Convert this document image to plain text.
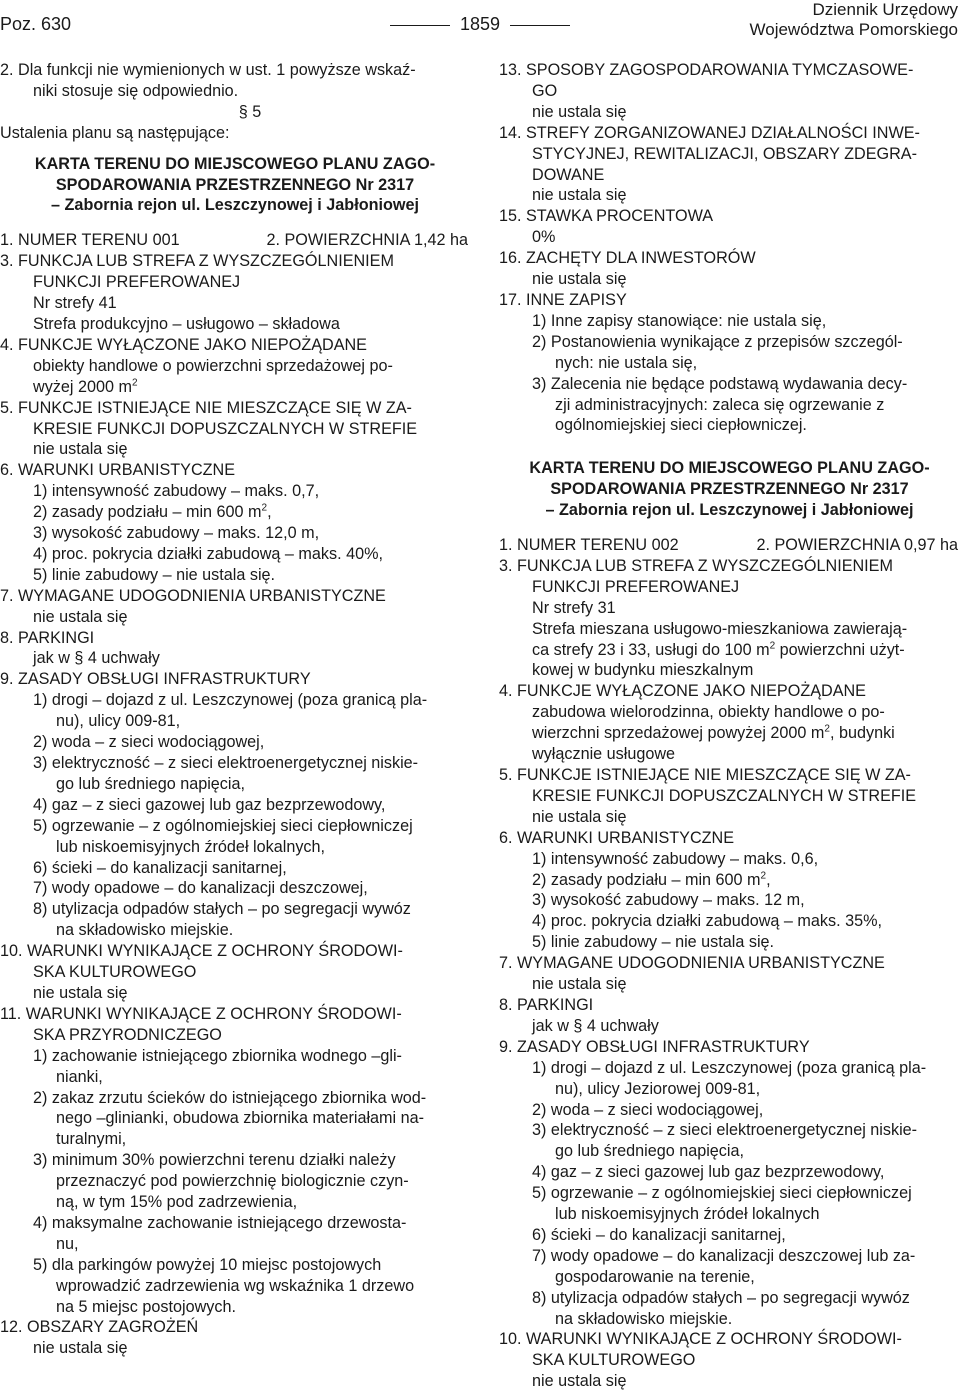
Poz. 630	1859
Dziennik Urzędowy
Województwa Pomorskiego
2. Dla funkcji nie wymienionych w ust. 1 powyższe wskaź-
niki stosuje się odpowiednio.
§ 5
Ustalenia planu są następujące:
KARTA TERENU DO MIEJSCOWEGO PLANU ZAGO-
SPODAROWANIA PRZESTRZENNEGO Nr 2317
– Zabornia rejon ul. Leszczynowej i Jabłoniowej
1. NUMER TERENU 001	2. POWIERZCHNIA 1,42 ha
3. FUNKCJA LUB STREFA Z WYSZCZEGÓLNIENIEM
FUNKCJI PREFEROWANEJ
Nr strefy 41
Strefa produkcyjno – usługowo – składowa
4. FUNKCJE WYŁĄCZONE JAKO NIEPOŻĄDANE
obiekty handlowe o powierzchni sprzedażowej po-
wyżej 2000 $m^2$
5. FUNKCJE ISTNIEJĄCE NIE MIESZCZĄCE SIĘ W ZA-
KRESIE FUNKCJI DOPUSZCZALNYCH W STREFIE
nie ustala się
6. WARUNKI URBANISTYCZNE
1) intensywność zabudowy – maks. 0,7,
2) zasady podziału – min 600 $m^2$,
3) wysokość zabudowy – maks. 12,0 m,
4) proc. pokrycia działki zabudową – maks. 40%,
5) linie zabudowy – nie ustala się.
7. WYMAGANE UDOGODNIENIA URBANISTYCZNE
nie ustala się
8. PARKINGI
jak w § 4 uchwały
9. ZASADY OBSŁUGI INFRASTRUKTURY
1) drogi – dojazd z ul. Leszczynowej (poza granicą pla-
nu), ulicy 009-81,
2) woda – z sieci wodociągowej,
3) elektryczność – z sieci elektroenergetycznej niskie-
go lub średniego napięcia,
4) gaz – z sieci gazowej lub gaz bezprzewodowy,
5) ogrzewanie – z ogólnomiejskiej sieci ciepłowniczej
lub niskoemisyjnych źródeł lokalnych,
6) ścieki – do kanalizacji sanitarnej,
7) wody opadowe – do kanalizacji deszczowej,
8) utylizacja odpadów stałych – po segregacji wywóz
na składowisko miejskie.
10. WARUNKI WYNIKAJĄCE Z OCHRONY ŚRODOWI-
SKA KULTUROWEGO
nie ustala się
11. WARUNKI WYNIKAJĄCE Z OCHRONY ŚRODOWI-
SKA PRZYRODNICZEGO
1) zachowanie istniejącego zbiornika wodnego –gli-
nianki,
2) zakaz zrzutu ścieków do istniejącego zbiornika wod-
nego –glinianki, obudowa zbiornika materiałami na-
turalnymi,
3) minimum 30% powierzchni terenu działki należy
przeznaczyć pod powierzchnię biologicznie czyn-
ną, w tym 15% pod zadrzewienia,
4) maksymalne zachowanie istniejącego drzewosta-
nu,
5) dla parkingów powyżej 10 miejsc postojowych
wprowadzić zadrzewienia wg wskaźnika 1 drzewo
na 5 miejsc postojowych.
12. OBSZARY ZAGROŻEŃ
nie ustala się
13. SPOSOBY ZAGOSPODAROWANIA TYMCZASOWE-
GO
nie ustala się
14. STREFY ZORGANIZOWANEJ DZIAŁALNOŚCI INWE-
STYCYJNEJ, REWITALIZACJI, OBSZARY ZDEGRA-
DOWANE
nie ustala się
15. STAWKA PROCENTOWA
0%
16. ZACHĘTY DLA INWESTORÓW
nie ustala się
17. INNE ZAPISY
1) Inne zapisy stanowiące: nie ustala się,
2) Postanowienia wynikające z przepisów szczegól-
nych: nie ustala się,
3) Zalecenia nie będące podstawą wydawania decy-
zji administracyjnych: zaleca się ogrzewanie z
ogólnomiejskiej sieci ciepłowniczej.
KARTA TERENU DO MIEJSCOWEGO PLANU ZAGO-
SPODAROWANIA PRZESTRZENNEGO Nr 2317
– Zabornia rejon ul. Leszczynowej i Jabłoniowej
1. NUMER TERENU 002	2. POWIERZCHNIA 0,97 ha
3. FUNKCJA LUB STREFA Z WYSZCZEGÓLNIENIEM
FUNKCJI PREFEROWANEJ
Nr strefy 31
Strefa mieszana usługowo-mieszkaniowa zawierają-
ca strefy 23 i 33, usługi do 100 $m^2$ powierzchni użyt-
kowej w budynku mieszkalnym
4. FUNKCJE WYŁĄCZONE JAKO NIEPOŻĄDANE
zabudowa wielorodzinna, obiekty handlowe o po-
wierzchni sprzedażowej powyżej 2000 $m^2$, budynki
wyłącznie usługowe
5. FUNKCJE ISTNIEJĄCE NIE MIESZCZĄCE SIĘ W ZA-
KRESIE FUNKCJI DOPUSZCZALNYCH W STREFIE
nie ustala się
6. WARUNKI URBANISTYCZNE
1) intensywność zabudowy – maks. 0,6,
2) zasady podziału – min 600 $m^2$,
3) wysokość zabudowy – maks. 12 m,
4) proc. pokrycia działki zabudową – maks. 35%,
5) linie zabudowy – nie ustala się.
7. WYMAGANE UDOGODNIENIA URBANISTYCZNE
nie ustala się
8. PARKINGI
jak w § 4 uchwały
9. ZASADY OBSŁUGI INFRASTRUKTURY
1) drogi – dojazd z ul. Leszczynowej (poza granicą pla-
nu), ulicy Jeziorowej 009-81,
2) woda – z sieci wodociągowej,
3) elektryczność – z sieci elektroenergetycznej niskie-
go lub średniego napięcia,
4) gaz – z sieci gazowej lub gaz bezprzewodowy,
5) ogrzewanie – z ogólnomiejskiej sieci ciepłowniczej
lub niskoemisyjnych źródeł lokalnych
6) ścieki – do kanalizacji sanitarnej,
7) wody opadowe – do kanalizacji deszczowej lub za-
gospodarowanie na terenie,
8) utylizacja odpadów stałych – po segregacji wywóz
na składowisko miejskie.
10. WARUNKI WYNIKAJĄCE Z OCHRONY ŚRODOWI-
SKA KULTUROWEGO
nie ustala się
